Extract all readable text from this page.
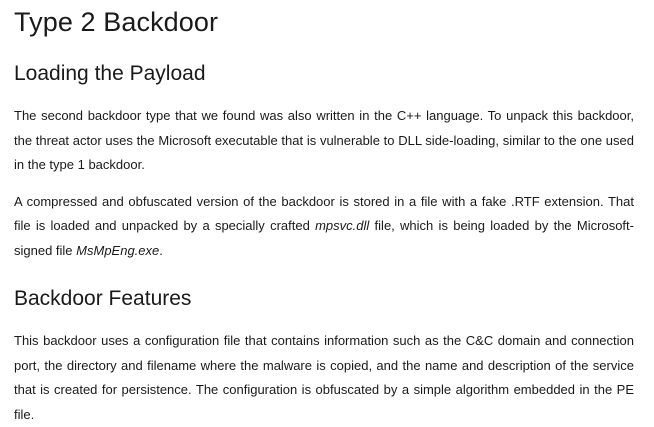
Type 2 Backdoor
Loading the Payload

The second backdoor type that we found was also written in the C++ language. To unpack this backdoor, the threat actor uses the Microsoft executable that is vulnerable to DLL side-loading, similar to the one used in the type 1 backdoor.

A compressed and obfuscated version of the backdoor is stored in a file with a fake .RTF extension. That file is loaded and unpacked by a specially crafted mpsvc.dll file, which is being loaded by the Microsoft-signed file MsMpEng.exe.

Backdoor Features

This backdoor uses a configuration file that contains information such as the C&C domain and connection port, the directory and filename where the malware is copied, and the name and description of the service that is created for persistence. The configuration is obfuscated by a simple algorithm embedded in the PE file.
